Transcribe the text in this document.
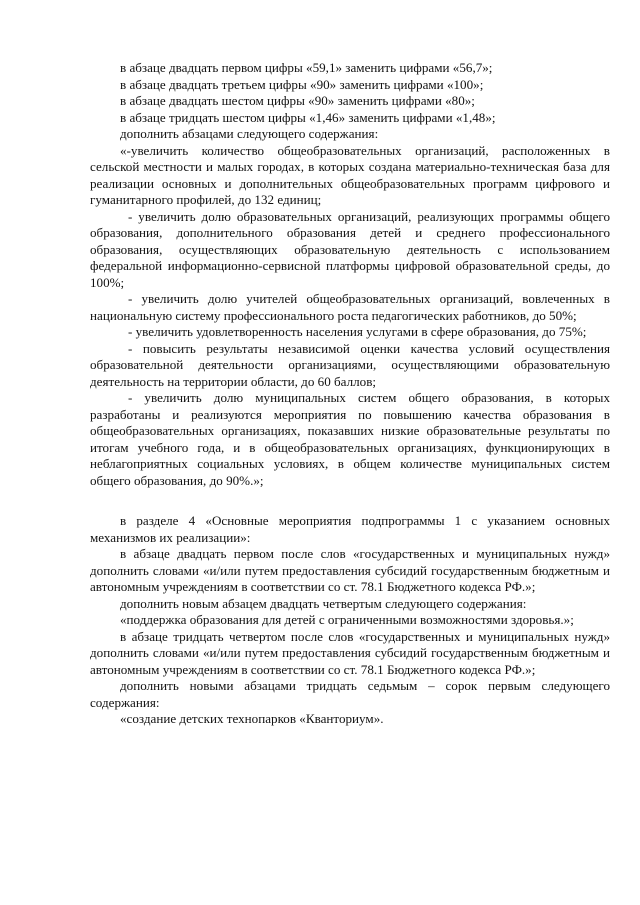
в абзаце двадцать первом цифры «59,1» заменить цифрами «56,7»;

в абзаце двадцать третьем цифры «90» заменить цифрами «100»;

в абзаце двадцать шестом цифры «90» заменить цифрами «80»;

в абзаце тридцать шестом цифры «1,46» заменить цифрами «1,48»;

дополнить абзацами следующего содержания:

«-увеличить количество общеобразовательных организаций, расположенных в сельской местности и малых городах, в которых создана материально-техническая база для реализации основных и дополнительных общеобразовательных программ цифрового и гуманитарного профилей, до 132 единиц;

- увеличить долю образовательных организаций, реализующих программы общего образования, дополнительного образования детей и среднего профессионального образования, осуществляющих образовательную деятельность с использованием федеральной информационно-сервисной платформы цифровой образовательной среды, до 100%;

- увеличить долю учителей общеобразовательных организаций, вовлеченных в национальную систему профессионального роста педагогических работников, до 50%;

- увеличить удовлетворенность населения услугами в сфере образования, до 75%;

- повысить результаты независимой оценки качества условий осуществления образовательной деятельности организациями, осуществляющими образовательную деятельность на территории области, до 60 баллов;

- увеличить долю муниципальных систем общего образования, в которых разработаны и реализуются мероприятия по повышению качества образования в общеобразовательных организациях, показавших низкие образовательные результаты по итогам учебного года, и в общеобразовательных организациях, функционирующих в неблагоприятных социальных условиях, в общем количестве муниципальных систем общего образования, до 90%.»;

в разделе 4 «Основные мероприятия подпрограммы 1 с указанием основных механизмов их реализации»:

в абзаце двадцать первом после слов «государственных и муниципальных нужд» дополнить словами «и/или путем предоставления субсидий государственным бюджетным и автономным учреждениям в соответствии со ст. 78.1 Бюджетного кодекса РФ.»;

дополнить новым абзацем двадцать четвертым следующего содержания:

«поддержка образования для детей с ограниченными возможностями здоровья.»;

в абзаце тридцать четвертом после слов «государственных и муниципальных нужд» дополнить словами «и/или путем предоставления субсидий государственным бюджетным и автономным учреждениям в соответствии со ст. 78.1 Бюджетного кодекса РФ.»;

дополнить новыми абзацами тридцать седьмым – сорок первым следующего содержания:

«создание детских технопарков «Кванториум».
